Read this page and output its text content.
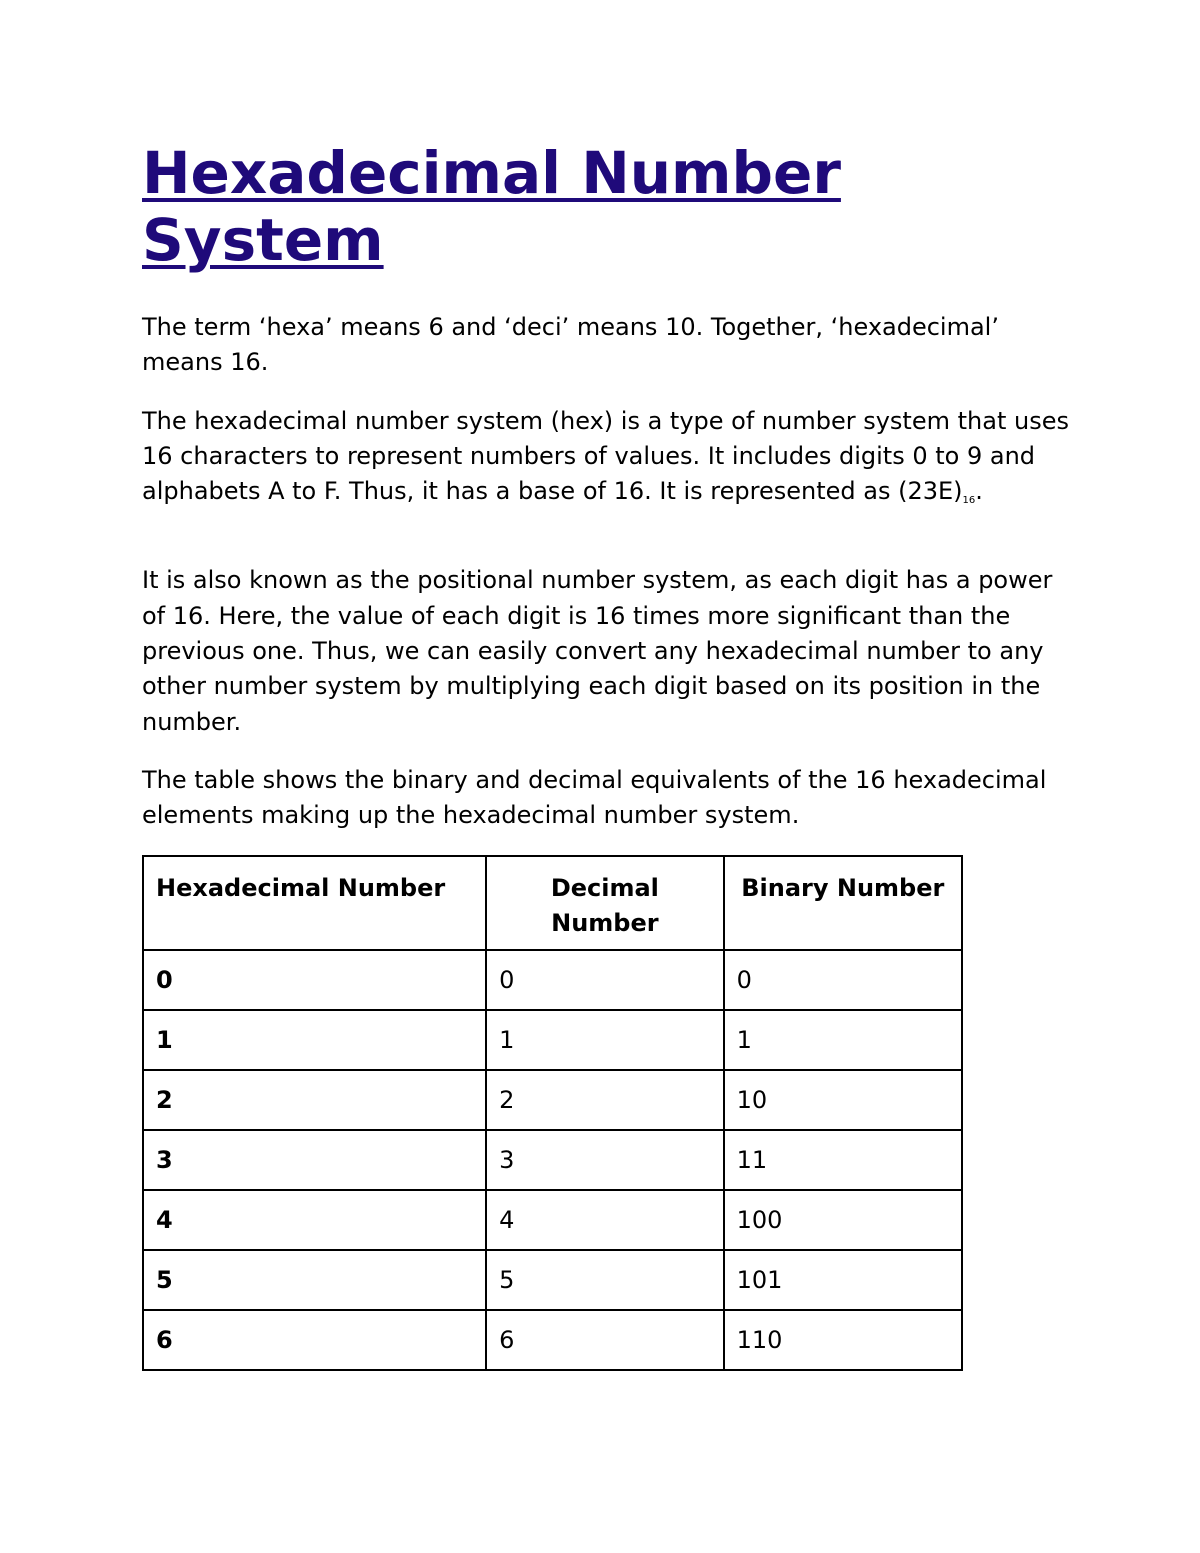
Hexadecimal Number
System

The term ‘hexa’ means 6 and ‘deci’ means 10. Together, ‘hexadecimal’ means 16.

The hexadecimal number system (hex) is a type of number system that uses 16 characters to represent numbers of values. It includes digits 0 to 9 and alphabets A to F. Thus, it has a base of 16. It is represented as $(23E)_{16}$.

It is also known as the positional number system, as each digit has a power of 16. Here, the value of each digit is 16 times more significant than the previous one. Thus, we can easily convert any hexadecimal number to any other number system by multiplying each digit based on its position in the number.

The table shows the binary and decimal equivalents of the 16 hexadecimal elements making up the hexadecimal number system.

Hexadecimal Number	Decimal Number	Binary Number
0	0	0
1	1	1
2	2	10
3	3	11
4	4	100
5	5	101
6	6	110
